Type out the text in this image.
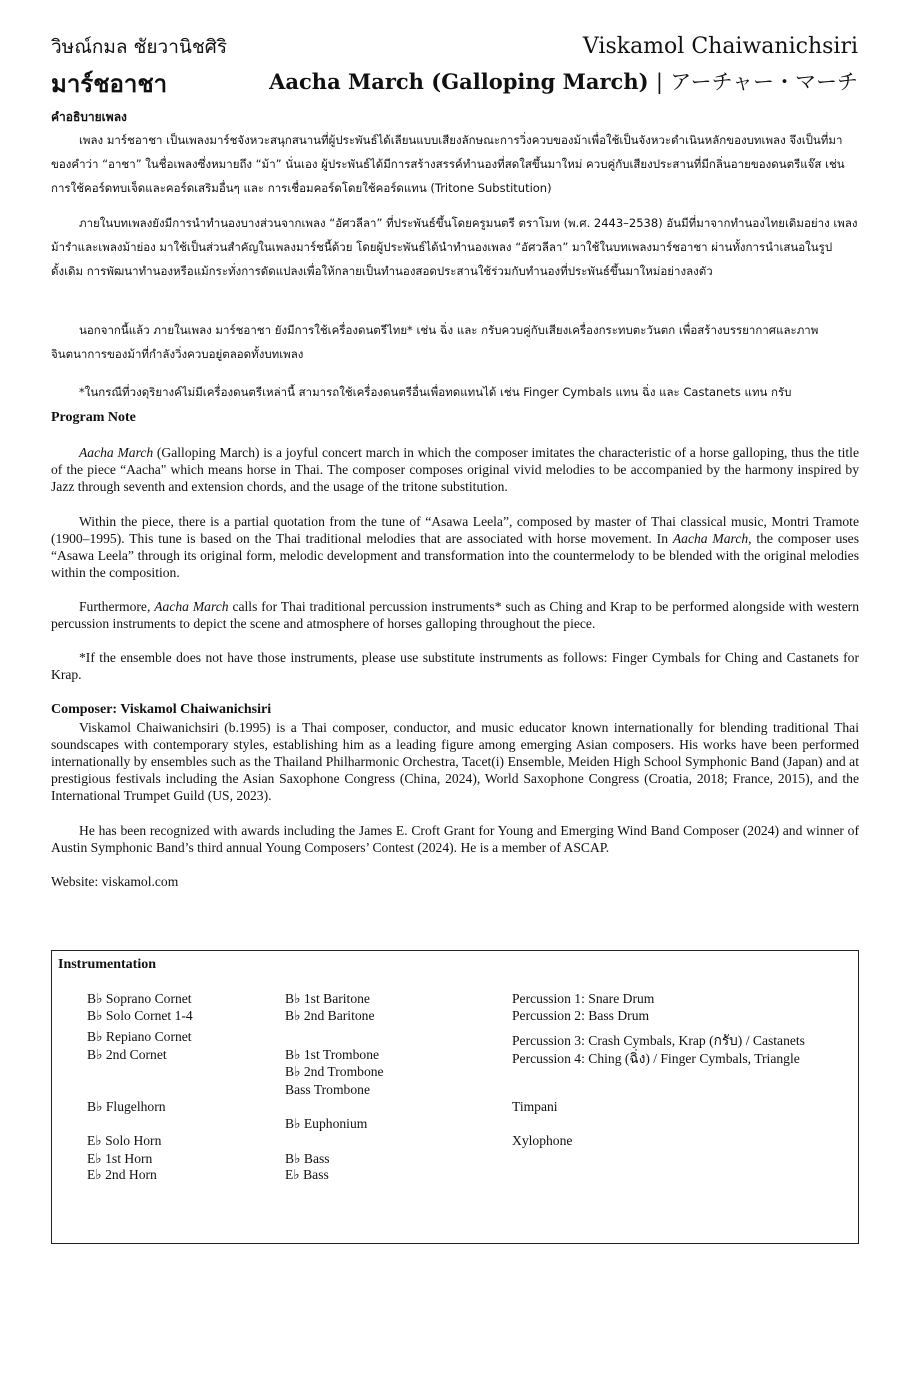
วิษณ์กมล ชัยวานิชศิริ
มาร์ชอาชา
Viskamol Chaiwanichsiri
Aacha March (Galloping March) | アーチャー・マーチ
คำอธิบายเพลง
เพลง มาร์ชอาชา เป็นเพลงมาร์ชจังหวะสนุกสนานที่ผู้ประพันธ์ได้เลียนแบบเสียงลักษณะการวิ่งควบของม้าเพื่อใช้เป็นจังหวะดำเนินหลักของบทเพลง จึงเป็นที่มาของคำว่า “อาชา” ในชื่อเพลงซึ่งหมายถึง “ม้า” นั่นเอง ผู้ประพันธ์ได้มีการสร้างสรรค์ทำนองที่สดใสขึ้นมาใหม่ ควบคู่กับเสียงประสานที่มีกลิ่นอายของดนตรีแจ๊ส เช่น การใช้คอร์ดทบเจ็ดและคอร์ดเสริมอื่นๆ และ การเชื่อมคอร์ดโดยใช้คอร์ดแทน (Tritone Substitution)
ภายในบทเพลงยังมีการนำทำนองบางส่วนจากเพลง “อัศวลีลา” ที่ประพันธ์ขึ้นโดยครูมนตรี ตราโมท (พ.ศ. 2443–2538) อันมีที่มาจากทำนองไทยเดิมอย่าง เพลงม้ารำและเพลงม้าย่อง มาใช้เป็นส่วนสำคัญในเพลงมาร์ชนี้ด้วย โดยผู้ประพันธ์ได้นำทำนองเพลง “อัศวลีลา” มาใช้ในบทเพลงมาร์ชอาชา ผ่านทั้งการนำเสนอในรูปดั้งเดิม การพัฒนาทำนองหรือแม้กระทั่งการดัดแปลงเพื่อให้กลายเป็นทำนองสอดประสานใช้ร่วมกับทำนองที่ประพันธ์ขึ้นมาใหม่อย่างลงตัว
นอกจากนี้แล้ว ภายในเพลง มาร์ชอาชา ยังมีการใช้เครื่องดนตรีไทย* เช่น ฉิ่ง และ กรับควบคู่กับเสียงเครื่องกระทบตะวันตก เพื่อสร้างบรรยากาศและภาพจินตนาการของม้าที่กำลังวิ่งควบอยู่ตลอดทั้งบทเพลง
*ในกรณีที่วงดุริยางค์ไม่มีเครื่องดนตรีเหล่านี้ สามารถใช้เครื่องดนตรีอื่นเพื่อทดแทนได้ เช่น Finger Cymbals แทน ฉิ่ง และ Castanets แทน กรับ
Program Note

Aacha March (Galloping March) is a joyful concert march in which the composer imitates the characteristic of a horse galloping, thus the title of the piece “Aacha" which means horse in Thai. The composer composes original vivid melodies to be accompanied by the harmony inspired by Jazz through seventh and extension chords, and the usage of the tritone substitution.

Within the piece, there is a partial quotation from the tune of “Asawa Leela”, composed by master of Thai classical music, Montri Tramote (1900–1995). This tune is based on the Thai traditional melodies that are associated with horse movement. In Aacha March, the composer uses “Asawa Leela” through its original form, melodic development and transformation into the countermelody to be blended with the original melodies within the composition.

Furthermore, Aacha March calls for Thai traditional percussion instruments* such as Ching and Krap to be performed alongside with western percussion instruments to depict the scene and atmosphere of horses galloping throughout the piece.

*If the ensemble does not have those instruments, please use substitute instruments as follows: Finger Cymbals for Ching and Castanets for Krap.

Composer: Viskamol Chaiwanichsiri

Viskamol Chaiwanichsiri (b.1995) is a Thai composer, conductor, and music educator known internationally for blending traditional Thai soundscapes with contemporary styles, establishing him as a leading figure among emerging Asian composers. His works have been performed internationally by ensembles such as the Thailand Philharmonic Orchestra, Tacet(i) Ensemble, Meiden High School Symphonic Band (Japan) and at prestigious festivals including the Asian Saxophone Congress (China, 2024), World Saxophone Congress (Croatia, 2018; France, 2015), and the International Trumpet Guild (US, 2023).

He has been recognized with awards including the James E. Croft Grant for Young and Emerging Wind Band Composer (2024) and winner of Austin Symphonic Band’s third annual Young Composers’ Contest (2024). He is a member of ASCAP.

Website: viskamol.com

Instrumentation
B♭ Soprano Cornet
B♭ Solo Cornet 1-4
B♭ Repiano Cornet
B♭ 2nd Cornet
B♭ Flugelhorn
E♭ Solo Horn
E♭ 1st Horn
E♭ 2nd Horn
B♭ 1st Baritone
B♭ 2nd Baritone
B♭ 1st Trombone
B♭ 2nd Trombone
Bass Trombone
B♭ Euphonium
B♭ Bass
E♭ Bass
Percussion 1: Snare Drum
Percussion 2: Bass Drum
Percussion 3: Crash Cymbals, Krap (กรับ) / Castanets
Percussion 4: Ching (ฉิ่ง) / Finger Cymbals, Triangle
Timpani
Xylophone
